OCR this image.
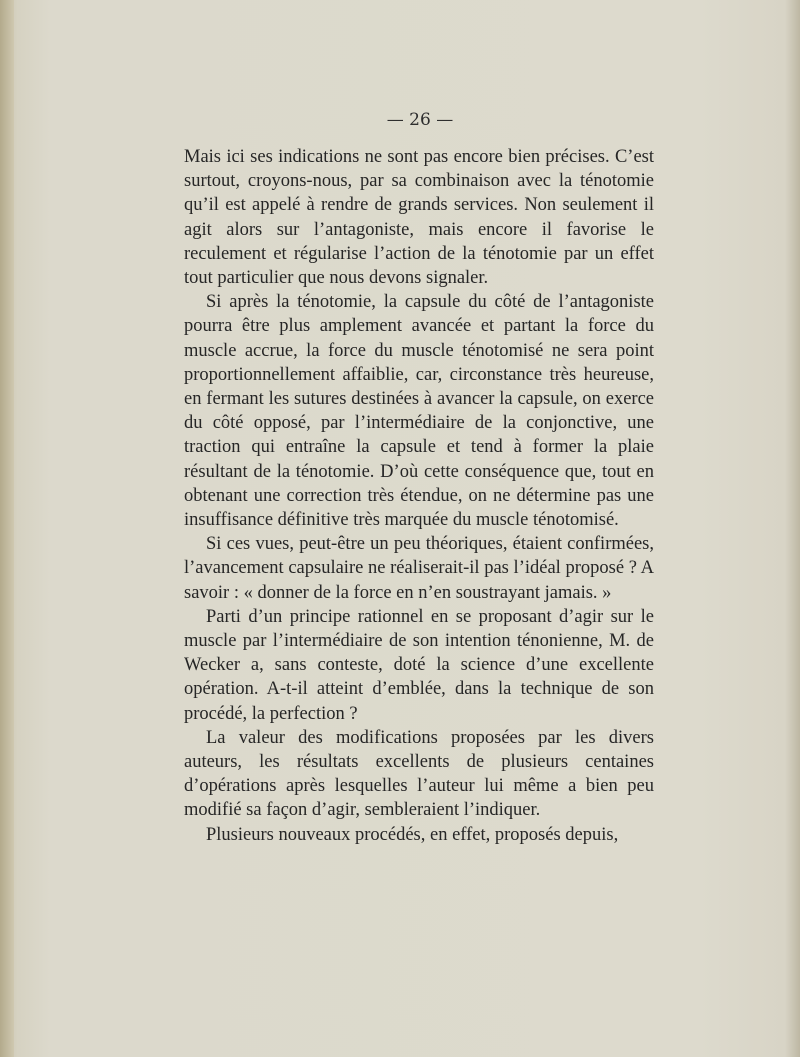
— 26 —

Mais ici ses indications ne sont pas encore bien précises. C’est surtout, croyons-nous, par sa combinaison avec la ténotomie qu’il est appelé à rendre de grands services. Non seulement il agit alors sur l’antagoniste, mais encore il favorise le reculement et régularise l’action de la ténotomie par un effet tout particulier que nous devons signaler.

Si après la ténotomie, la capsule du côté de l’antagoniste pourra être plus amplement avancée et partant la force du muscle accrue, la force du muscle ténotomisé ne sera point proportionnellement affaiblie, car, circonstance très heureuse, en fermant les sutures destinées à avancer la capsule, on exerce du côté opposé, par l’intermédiaire de la conjonctive, une traction qui entraîne la capsule et tend à former la plaie résultant de la ténotomie. D’où cette conséquence que, tout en obtenant une correction très étendue, on ne détermine pas une insuffisance définitive très marquée du muscle ténotomisé.

Si ces vues, peut-être un peu théoriques, étaient confirmées, l’avancement capsulaire ne réaliserait-il pas l’idéal proposé ? A savoir : « donner de la force en n’en soustrayant jamais. »

Parti d’un principe rationnel en se proposant d’agir sur le muscle par l’intermédiaire de son intention ténonienne, M. de Wecker a, sans conteste, doté la science d’une excellente opération. A-t-il atteint d’emblée, dans la technique de son procédé, la perfection ?

La valeur des modifications proposées par les divers auteurs, les résultats excellents de plusieurs centaines d’opérations après lesquelles l’auteur lui même a bien peu modifié sa façon d’agir, sembleraient l’indiquer.

Plusieurs nouveaux procédés, en effet, proposés depuis,
